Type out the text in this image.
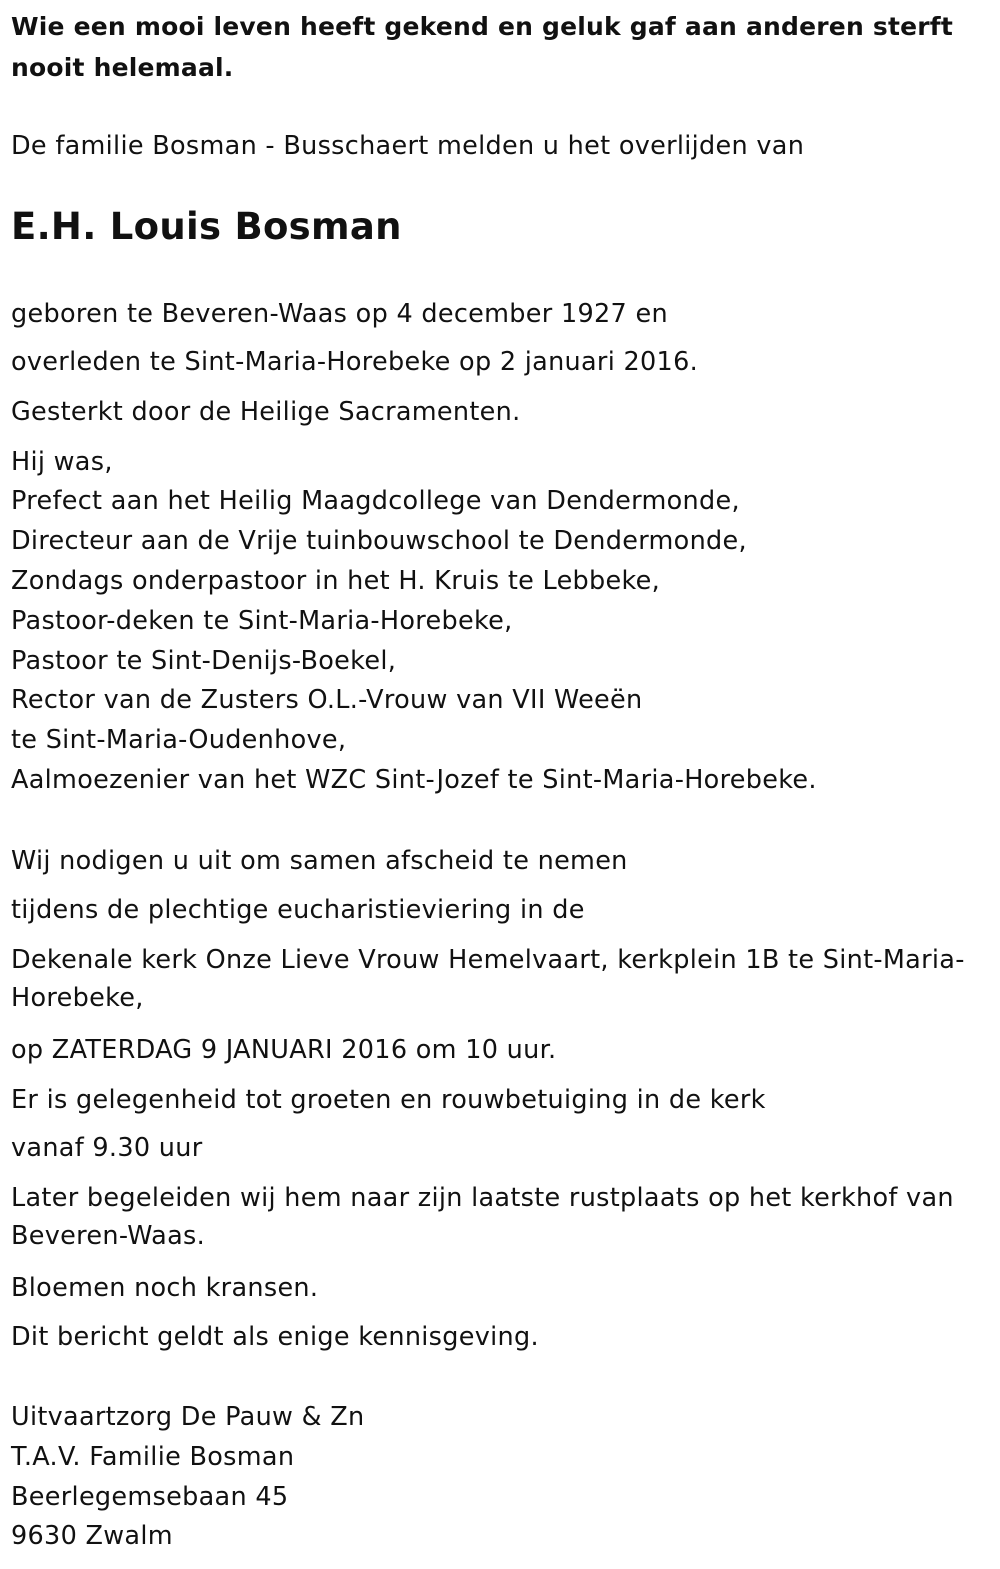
Wie een mooi leven heeft gekend en geluk gaf aan anderen sterft nooit helemaal.
De familie Bosman - Busschaert melden u het overlijden van
E.H. Louis Bosman
geboren te Beveren-Waas op 4 december 1927 en
overleden te Sint-Maria-Horebeke op 2 januari 2016.
Gesterkt door de Heilige Sacramenten.
Hij was,
Prefect aan het Heilig Maagdcollege van Dendermonde,
Directeur aan de Vrije tuinbouwschool te Dendermonde,
Zondags onderpastoor in het H. Kruis te Lebbeke,
Pastoor-deken te Sint-Maria-Horebeke,
Pastoor te Sint-Denijs-Boekel,
Rector van de Zusters O.L.-Vrouw van VII Weeën
te Sint-Maria-Oudenhove,
Aalmoezenier van het WZC Sint-Jozef te Sint-Maria-Horebeke.
Wij nodigen u uit om samen afscheid te nemen
tijdens de plechtige eucharistieviering in de
Dekenale kerk Onze Lieve Vrouw Hemelvaart, kerkplein 1B te Sint-Maria-Horebeke,
op ZATERDAG 9 JANUARI 2016 om 10 uur.
Er is gelegenheid tot groeten en rouwbetuiging in de kerk
vanaf 9.30 uur
Later begeleiden wij hem naar zijn laatste rustplaats op het kerkhof van Beveren-Waas.
Bloemen noch kransen.
Dit bericht geldt als enige kennisgeving.
Uitvaartzorg De Pauw & Zn
T.A.V. Familie Bosman
Beerlegemsebaan 45
9630 Zwalm
